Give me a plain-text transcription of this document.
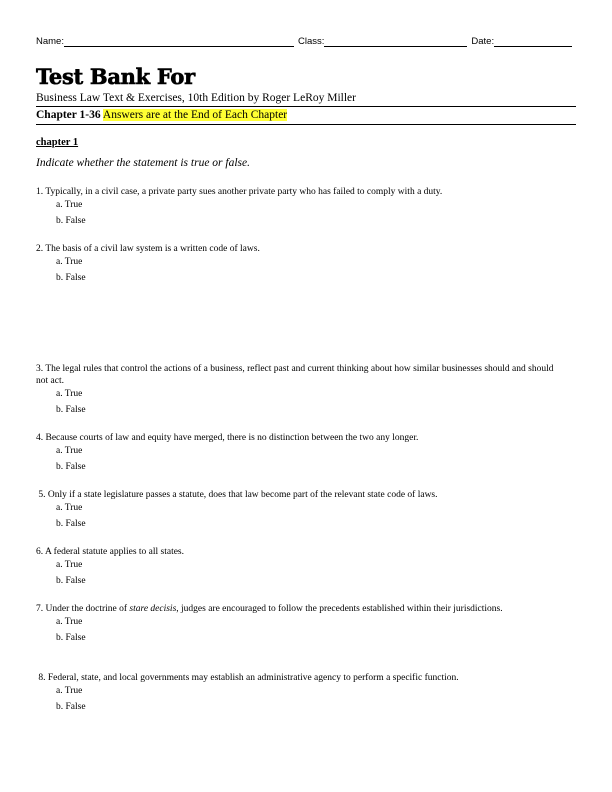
Name:	Class:	Date:
Test Bank For
Business Law Text & Exercises, 10th Edition by Roger LeRoy Miller
Chapter 1-36 Answers are at the End of Each Chapter
chapter 1
Indicate whether the statement is true or false.

1. Typically, in a civil case, a private party sues another private party who has failed to comply with a duty.

a. True

b. False

2. The basis of a civil law system is a written code of laws.

a. True

b. False

3. The legal rules that control the actions of a business, reflect past and current thinking about how similar businesses should and should not act.

a. True

b. False

4. Because courts of law and equity have merged, there is no distinction between the two any longer.

a. True

b. False

5. Only if a state legislature passes a statute, does that law become part of the relevant state code of laws.

a. True

b. False

6. A federal statute applies to all states.

a. True

b. False

7. Under the doctrine of stare decisis, judges are encouraged to follow the precedents established within their jurisdictions.

a. True

b. False

8. Federal, state, and local governments may establish an administrative agency to perform a specific function.

a. True

b. False
